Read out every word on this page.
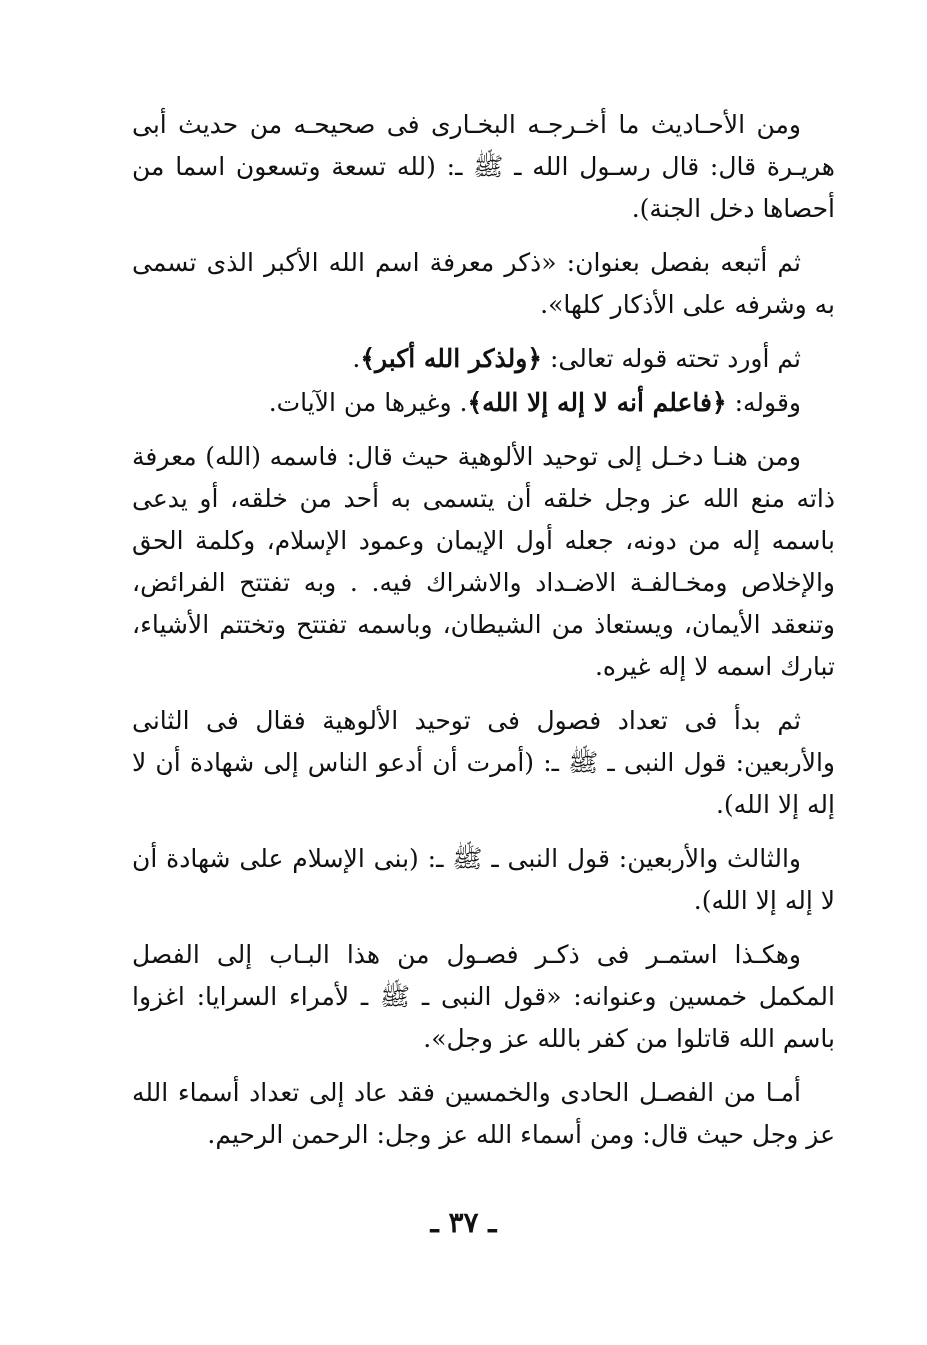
ومن الأحـاديث ما أخـرجـه البخـارى فى صحيحـه من حديث أبى هريـرة قال: قال رسـول الله ـ ﷺ ـ: (لله تسعة وتسعون اسما من أحصاها دخل الجنة).

ثم أتبعه بفصل بعنوان: «ذكر معرفة اسم الله الأكبر الذى تسمى به وشرفه على الأذكار كلها».

ثم أورد تحته قوله تعالى: ﴿ولذكر الله أكبر﴾.

وقوله: ﴿فاعلم أنه لا إله إلا الله﴾. وغيرها من الآيات.

ومن هنـا دخـل إلى توحيد الألوهية حيث قال: فاسمه (الله) معرفة ذاته منع الله عز وجل خلقه أن يتسمى به أحد من خلقه، أو يدعى باسمه إله من دونه، جعله أول الإيمان وعمود الإسلام، وكلمة الحق والإخلاص ومخـالفـة الاضـداد والاشراك فيه. . وبه تفتتح الفرائض، وتنعقد الأيمان، ويستعاذ من الشيطان، وباسمه تفتتح وتختتم الأشياء، تبارك اسمه لا إله غيره.

ثم بدأ فى تعداد فصول فى توحيد الألوهية فقال فى الثانى والأربعين: قول النبى ـ ﷺ ـ: (أمرت أن أدعو الناس إلى شهادة أن لا إله إلا الله).

والثالث والأربعين: قول النبى ـ ﷺ ـ: (بنى الإسلام على شهادة أن لا إله إلا الله).

وهكـذا استمـر فى ذكـر فصـول من هذا البـاب إلى الفصل المكمل خمسين وعنوانه: «قول النبى ـ ﷺ ـ لأمراء السرايا: اغزوا باسم الله قاتلوا من كفر بالله عز وجل».

أمـا من الفصـل الحادى والخمسين فقد عاد إلى تعداد أسماء الله عز وجل حيث قال: ومن أسماء الله عز وجل: الرحمن الرحيم.

ـ ٣٧ ـ
